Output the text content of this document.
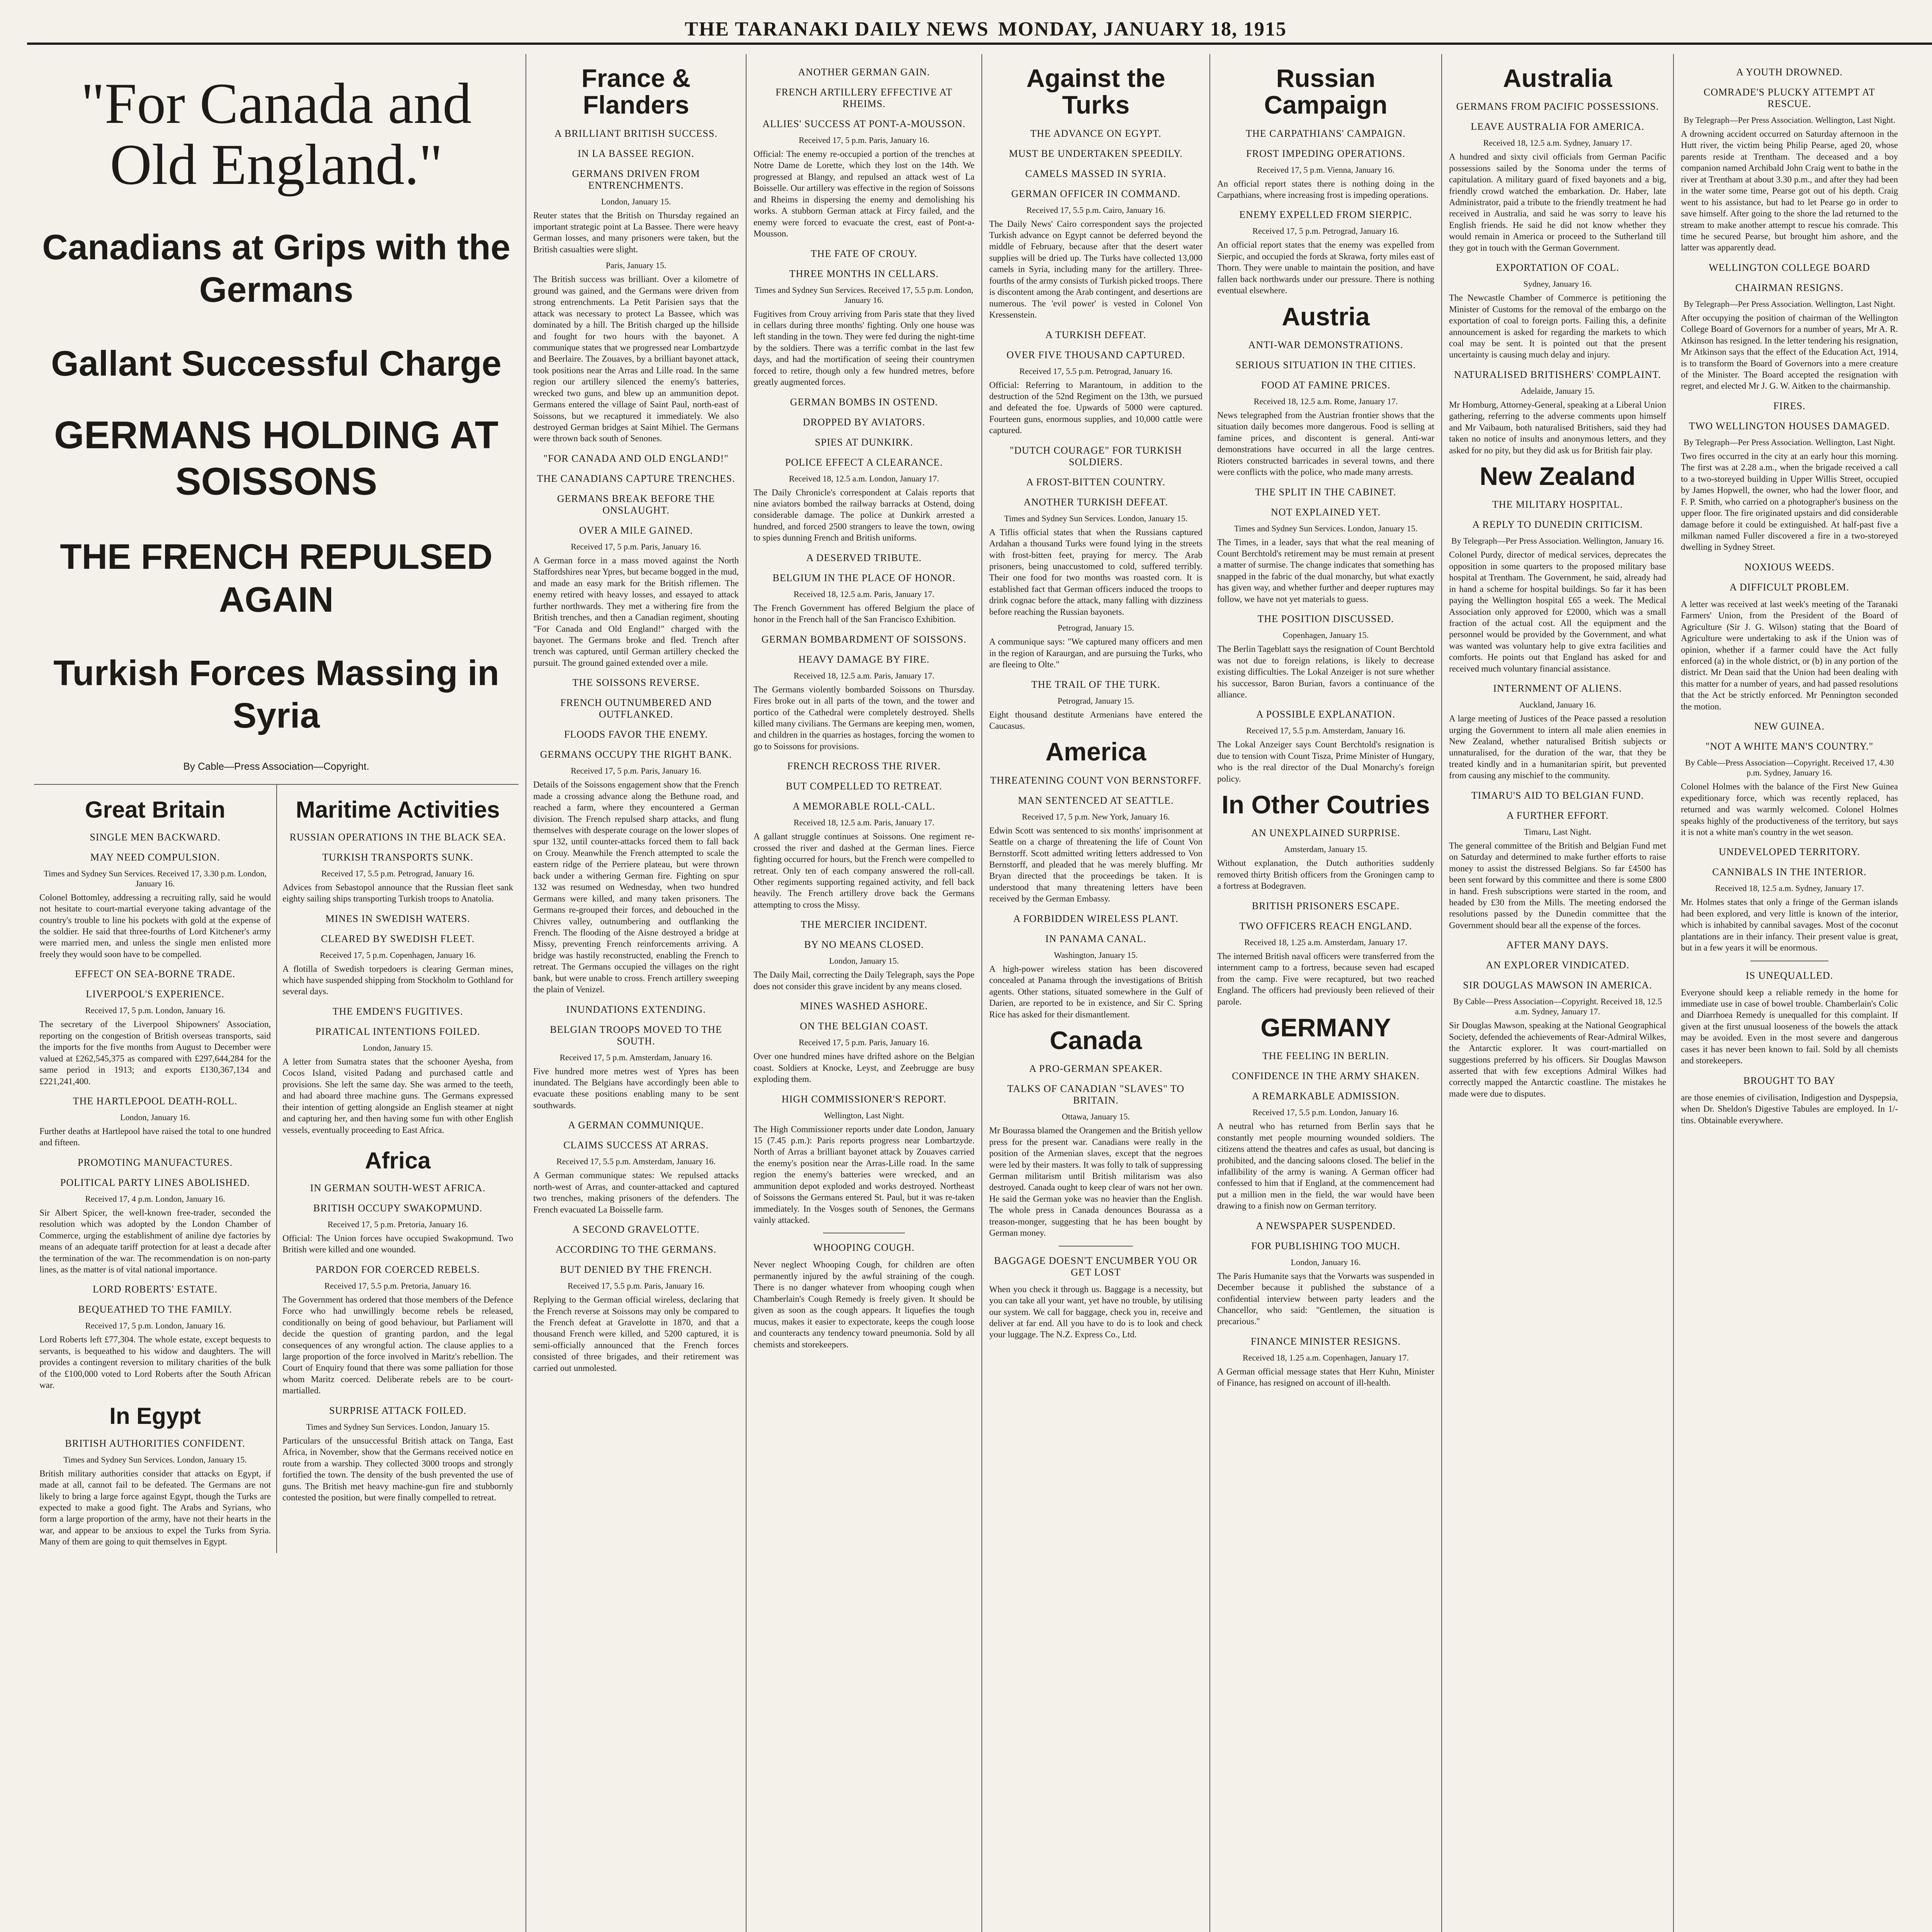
THE TARANAKI DAILY NEWS MONDAY, JANUARY 18, 1915
"For Canada and Old England."
Canadians at Grips with the Germans
Gallant Successful Charge
GERMANS HOLDING AT SOISSONS
THE FRENCH REPULSED AGAIN
Turkish Forces Massing in Syria
By Cable—Press Association—Copyright.
Great Britain
SINGLE MEN BACKWARD.
MAY NEED COMPULSION.
Times and Sydney Sun Services. Received 17, 3.30 p.m. London, January 16.
Colonel Bottomley, addressing a recruiting rally, said he would not hesitate to court-martial everyone taking advantage of the country's trouble to line his pockets with gold at the expense of the soldier. He said that three-fourths of Lord Kitchener's army were married men, and unless the single men enlisted more freely they would soon have to be compelled.
EFFECT ON SEA-BORNE TRADE.
LIVERPOOL'S EXPERIENCE.
Received 17, 5 p.m. London, January 16.
The secretary of the Liverpool Shipowners' Association, reporting on the congestion of British overseas transports, said the imports for the five months from August to December were valued at £262,545,375 as compared with £297,644,284 for the same period in 1913; and exports £130,367,134 and £221,241,400.
THE HARTLEPOOL DEATH-ROLL.
London, January 16.
Further deaths at Hartlepool have raised the total to one hundred and fifteen.
PROMOTING MANUFACTURES.
POLITICAL PARTY LINES ABOLISHED.
Received 17, 4 p.m. London, January 16.
Sir Albert Spicer, the well-known free-trader, seconded the resolution which was adopted by the London Chamber of Commerce, urging the establishment of aniline dye factories by means of an adequate tariff protection for at least a decade after the termination of the war. The recommendation is on non-party lines, as the matter is of vital national importance.
LORD ROBERTS' ESTATE.
BEQUEATHED TO THE FAMILY.
Received 17, 5 p.m. London, January 16.
Lord Roberts left £77,304. The whole estate, except bequests to servants, is bequeathed to his widow and daughters. The will provides a contingent reversion to military charities of the bulk of the £100,000 voted to Lord Roberts after the South African war.
In Egypt
BRITISH AUTHORITIES CONFIDENT.
Times and Sydney Sun Services. London, January 15.
British military authorities consider that attacks on Egypt, if made at all, cannot fail to be defeated. The Germans are not likely to bring a large force against Egypt, though the Turks are expected to make a good fight. The Arabs and Syrians, who form a large proportion of the army, have not their hearts in the war, and appear to be anxious to expel the Turks from Syria. Many of them are going to quit themselves in Egypt.
Maritime Activities
RUSSIAN OPERATIONS IN THE BLACK SEA.
TURKISH TRANSPORTS SUNK.
Received 17, 5.5 p.m. Petrograd, January 16.
Advices from Sebastopol announce that the Russian fleet sank eighty sailing ships transporting Turkish troops to Anatolia.
MINES IN SWEDISH WATERS.
CLEARED BY SWEDISH FLEET.
Received 17, 5 p.m. Copenhagen, January 16.
A flotilla of Swedish torpedoers is clearing German mines, which have suspended shipping from Stockholm to Gothland for several days.
THE EMDEN'S FUGITIVES.
PIRATICAL INTENTIONS FOILED.
London, January 15.
A letter from Sumatra states that the schooner Ayesha, from Cocos Island, visited Padang and purchased cattle and provisions. She left the same day. She was armed to the teeth, and had aboard three machine guns. The Germans expressed their intention of getting alongside an English steamer at night and capturing her, and then having some fun with other English vessels, eventually proceeding to East Africa.
Africa
IN GERMAN SOUTH-WEST AFRICA.
BRITISH OCCUPY SWAKOPMUND.
Received 17, 5 p.m. Pretoria, January 16.
Official: The Union forces have occupied Swakopmund. Two British were killed and one wounded.
PARDON FOR COERCED REBELS.
Received 17, 5.5 p.m. Pretoria, January 16.
The Government has ordered that those members of the Defence Force who had unwillingly become rebels be released, conditionally on being of good behaviour, but Parliament will decide the question of granting pardon, and the legal consequences of any wrongful action. The clause applies to a large proportion of the force involved in Maritz's rebellion. The Court of Enquiry found that there was some palliation for those whom Maritz coerced. Deliberate rebels are to be court-martialled.
SURPRISE ATTACK FOILED.
Times and Sydney Sun Services. London, January 15.
Particulars of the unsuccessful British attack on Tanga, East Africa, in November, show that the Germans received notice en route from a warship. They collected 3000 troops and strongly fortified the town. The density of the bush prevented the use of guns. The British met heavy machine-gun fire and stubbornly contested the position, but were finally compelled to retreat.
France & Flanders
A BRILLIANT BRITISH SUCCESS.
IN LA BASSEE REGION.
GERMANS DRIVEN FROM ENTRENCHMENTS.
London, January 15.
Reuter states that the British on Thursday regained an important strategic point at La Bassee. There were heavy German losses, and many prisoners were taken, but the British casualties were slight.
Paris, January 15.
The British success was brilliant. Over a kilometre of ground was gained, and the Germans were driven from strong entrenchments. La Petit Parisien says that the attack was necessary to protect La Bassee, which was dominated by a hill. The British charged up the hillside and fought for two hours with the bayonet. A communique states that we progressed near Lombartzyde and Beerlaire. The Zouaves, by a brilliant bayonet attack, took positions near the Arras and Lille road. In the same region our artillery silenced the enemy's batteries, wrecked two guns, and blew up an ammunition depot. Germans entered the village of Saint Paul, north-east of Soissons, but we recaptured it immediately. We also destroyed German bridges at Saint Mihiel. The Germans were thrown back south of Senones.
"FOR CANADA AND OLD ENGLAND!"
THE CANADIANS CAPTURE TRENCHES.
GERMANS BREAK BEFORE THE ONSLAUGHT.
OVER A MILE GAINED.
Received 17, 5 p.m. Paris, January 16.
A German force in a mass moved against the North Staffordshires near Ypres, but became bogged in the mud, and made an easy mark for the British riflemen. The enemy retired with heavy losses, and essayed to attack further northwards. They met a withering fire from the British trenches, and then a Canadian regiment, shouting "For Canada and Old England!" charged with the bayonet. The Germans broke and fled. Trench after trench was captured, until German artillery checked the pursuit. The ground gained extended over a mile.
THE SOISSONS REVERSE.
FRENCH OUTNUMBERED AND OUTFLANKED.
FLOODS FAVOR THE ENEMY.
GERMANS OCCUPY THE RIGHT BANK.
Received 17, 5 p.m. Paris, January 16.
Details of the Soissons engagement show that the French made a crossing advance along the Bethune road, and reached a farm, where they encountered a German division. The French repulsed sharp attacks, and flung themselves with desperate courage on the lower slopes of spur 132, until counter-attacks forced them to fall back on Crouy. Meanwhile the French attempted to scale the eastern ridge of the Perriere plateau, but were thrown back under a withering German fire. Fighting on spur 132 was resumed on Wednesday, when two hundred Germans were killed, and many taken prisoners. The Germans re-grouped their forces, and debouched in the Chivres valley, outnumbering and outflanking the French. The flooding of the Aisne destroyed a bridge at Missy, preventing French reinforcements arriving. A bridge was hastily reconstructed, enabling the French to retreat. The Germans occupied the villages on the right bank, but were unable to cross. French artillery sweeping the plain of Venizel.
INUNDATIONS EXTENDING.
BELGIAN TROOPS MOVED TO THE SOUTH.
Received 17, 5 p.m. Amsterdam, January 16.
Five hundred more metres west of Ypres has been inundated. The Belgians have accordingly been able to evacuate these positions enabling many to be sent southwards.
A GERMAN COMMUNIQUE.
CLAIMS SUCCESS AT ARRAS.
Received 17, 5.5 p.m. Amsterdam, January 16.
A German communique states: We repulsed attacks north-west of Arras, and counter-attacked and captured two trenches, making prisoners of the defenders. The French evacuated La Boisselle farm.
A SECOND GRAVELOTTE.
ACCORDING TO THE GERMANS.
BUT DENIED BY THE FRENCH.
Received 17, 5.5 p.m. Paris, January 16.
Replying to the German official wireless, declaring that the French reverse at Soissons may only be compared to the French defeat at Gravelotte in 1870, and that a thousand French were killed, and 5200 captured, it is semi-officially announced that the French forces consisted of three brigades, and their retirement was carried out unmolested.
ANOTHER GERMAN GAIN.
FRENCH ARTILLERY EFFECTIVE AT RHEIMS.
ALLIES' SUCCESS AT PONT-A-MOUSSON.
Received 17, 5 p.m. Paris, January 16.
Official: The enemy re-occupied a portion of the trenches at Notre Dame de Lorette, which they lost on the 14th. We progressed at Blangy, and repulsed an attack west of La Boisselle. Our artillery was effective in the region of Soissons and Rheims in dispersing the enemy and demolishing his works. A stubborn German attack at Fircy failed, and the enemy were forced to evacuate the crest, east of Pont-a-Mousson.
THE FATE OF CROUY.
THREE MONTHS IN CELLARS.
Times and Sydney Sun Services. Received 17, 5.5 p.m. London, January 16.
Fugitives from Crouy arriving from Paris state that they lived in cellars during three months' fighting. Only one house was left standing in the town. They were fed during the night-time by the soldiers. There was a terrific combat in the last few days, and had the mortification of seeing their countrymen forced to retire, though only a few hundred metres, before greatly augmented forces.
GERMAN BOMBS IN OSTEND.
DROPPED BY AVIATORS.
SPIES AT DUNKIRK.
POLICE EFFECT A CLEARANCE.
Received 18, 12.5 a.m. London, January 17.
The Daily Chronicle's correspondent at Calais reports that nine aviators bombed the railway barracks at Ostend, doing considerable damage. The police at Dunkirk arrested a hundred, and forced 2500 strangers to leave the town, owing to spies dunning French and British uniforms.
A DESERVED TRIBUTE.
BELGIUM IN THE PLACE OF HONOR.
Received 18, 12.5 a.m. Paris, January 17.
The French Government has offered Belgium the place of honor in the French hall of the San Francisco Exhibition.
GERMAN BOMBARDMENT OF SOISSONS.
HEAVY DAMAGE BY FIRE.
Received 18, 12.5 a.m. Paris, January 17.
The Germans violently bombarded Soissons on Thursday. Fires broke out in all parts of the town, and the tower and portico of the Cathedral were completely destroyed. Shells killed many civilians. The Germans are keeping men, women, and children in the quarries as hostages, forcing the women to go to Soissons for provisions.
FRENCH RECROSS THE RIVER.
BUT COMPELLED TO RETREAT.
A MEMORABLE ROLL-CALL.
Received 18, 12.5 a.m. Paris, January 17.
A gallant struggle continues at Soissons. One regiment re-crossed the river and dashed at the German lines. Fierce fighting occurred for hours, but the French were compelled to retreat. Only ten of each company answered the roll-call. Other regiments supporting regained activity, and fell back heavily. The French artillery drove back the Germans attempting to cross the Missy.
THE MERCIER INCIDENT.
BY NO MEANS CLOSED.
London, January 15.
The Daily Mail, correcting the Daily Telegraph, says the Pope does not consider this grave incident by any means closed.
MINES WASHED ASHORE.
ON THE BELGIAN COAST.
Received 17, 5 p.m. Paris, January 16.
Over one hundred mines have drifted ashore on the Belgian coast. Soldiers at Knocke, Leyst, and Zeebrugge are busy exploding them.
HIGH COMMISSIONER'S REPORT.
Wellington, Last Night.
The High Commissioner reports under date London, January 15 (7.45 p.m.): Paris reports progress near Lombartzyde. North of Arras a brilliant bayonet attack by Zouaves carried the enemy's position near the Arras-Lille road. In the same region the enemy's batteries were wrecked, and an ammunition depot exploded and works destroyed. Northeast of Soissons the Germans entered St. Paul, but it was re-taken immediately. In the Vosges south of Senones, the Germans vainly attacked.
WHOOPING COUGH.
Never neglect Whooping Cough, for children are often permanently injured by the awful straining of the cough. There is no danger whatever from whooping cough when Chamberlain's Cough Remedy is freely given. It should be given as soon as the cough appears. It liquefies the tough mucus, makes it easier to expectorate, keeps the cough loose and counteracts any tendency toward pneumonia. Sold by all chemists and storekeepers.
Against the Turks
THE ADVANCE ON EGYPT.
MUST BE UNDERTAKEN SPEEDILY.
CAMELS MASSED IN SYRIA.
GERMAN OFFICER IN COMMAND.
Received 17, 5.5 p.m. Cairo, January 16.
The Daily News' Cairo correspondent says the projected Turkish advance on Egypt cannot be deferred beyond the middle of February, because after that the desert water supplies will be dried up. The Turks have collected 13,000 camels in Syria, including many for the artillery. Three-fourths of the army consists of Turkish picked troops. There is discontent among the Arab contingent, and desertions are numerous. The 'evil power' is vested in Colonel Von Kressenstein.
A TURKISH DEFEAT.
OVER FIVE THOUSAND CAPTURED.
Received 17, 5.5 p.m. Petrograd, January 16.
Official: Referring to Marantoum, in addition to the destruction of the 52nd Regiment on the 13th, we pursued and defeated the foe. Upwards of 5000 were captured. Fourteen guns, enormous supplies, and 10,000 cattle were captured.
"DUTCH COURAGE" FOR TURKISH SOLDIERS.
A FROST-BITTEN COUNTRY.
ANOTHER TURKISH DEFEAT.
Times and Sydney Sun Services. London, January 15.
A Tiflis official states that when the Russians captured Ardahan a thousand Turks were found lying in the streets with frost-bitten feet, praying for mercy. The Arab prisoners, being unaccustomed to cold, suffered terribly. Their one food for two months was roasted corn. It is established fact that German officers induced the troops to drink cognac before the attack, many falling with dizziness before reaching the Russian bayonets.
Petrograd, January 15.
A communique says: "We captured many officers and men in the region of Karaurgan, and are pursuing the Turks, who are fleeing to Olte."
THE TRAIL OF THE TURK.
Petrograd, January 15.
Eight thousand destitute Armenians have entered the Caucasus.
America
THREATENING COUNT VON BERNSTORFF.
MAN SENTENCED AT SEATTLE.
Received 17, 5 p.m. New York, January 16.
Edwin Scott was sentenced to six months' imprisonment at Seattle on a charge of threatening the life of Count Von Bernstorff. Scott admitted writing letters addressed to Von Bernstorff, and pleaded that he was merely bluffing. Mr Bryan directed that the proceedings be taken. It is understood that many threatening letters have been received by the German Embassy.
A FORBIDDEN WIRELESS PLANT.
IN PANAMA CANAL.
Washington, January 15.
A high-power wireless station has been discovered concealed at Panama through the investigations of British agents. Other stations, situated somewhere in the Gulf of Darien, are reported to be in existence, and Sir C. Spring Rice has asked for their dismantlement.
Canada
A PRO-GERMAN SPEAKER.
TALKS OF CANADIAN "SLAVES" TO BRITAIN.
Ottawa, January 15.
Mr Bourassa blamed the Orangemen and the British yellow press for the present war. Canadians were really in the position of the Armenian slaves, except that the negroes were led by their masters. It was folly to talk of suppressing German militarism until British militarism was also destroyed. Canada ought to keep clear of wars not her own. He said the German yoke was no heavier than the English. The whole press in Canada denounces Bourassa as a treason-monger, suggesting that he has been bought by German money.
BAGGAGE DOESN'T ENCUMBER YOU OR GET LOST
When you check it through us. Baggage is a necessity, but you can take all your want, yet have no trouble, by utilising our system. We call for baggage, check you in, receive and deliver at far end. All you have to do is to look and check your luggage. The N.Z. Express Co., Ltd.
Russian Campaign
THE CARPATHIANS' CAMPAIGN.
FROST IMPEDING OPERATIONS.
Received 17, 5 p.m. Vienna, January 16.
An official report states there is nothing doing in the Carpathians, where increasing frost is impeding operations.
ENEMY EXPELLED FROM SIERPIC.
Received 17, 5 p.m. Petrograd, January 16.
An official report states that the enemy was expelled from Sierpic, and occupied the fords at Skrawa, forty miles east of Thorn. They were unable to maintain the position, and have fallen back northwards under our pressure. There is nothing eventual elsewhere.
Austria
ANTI-WAR DEMONSTRATIONS.
SERIOUS SITUATION IN THE CITIES.
FOOD AT FAMINE PRICES.
Received 18, 12.5 a.m. Rome, January 17.
News telegraphed from the Austrian frontier shows that the situation daily becomes more dangerous. Food is selling at famine prices, and discontent is general. Anti-war demonstrations have occurred in all the large centres. Rioters constructed barricades in several towns, and there were conflicts with the police, who made many arrests.
THE SPLIT IN THE CABINET.
NOT EXPLAINED YET.
Times and Sydney Sun Services. London, January 15.
The Times, in a leader, says that what the real meaning of Count Berchtold's retirement may be must remain at present a matter of surmise. The change indicates that something has snapped in the fabric of the dual monarchy, but what exactly has given way, and whether further and deeper ruptures may follow, we have not yet materials to guess.
THE POSITION DISCUSSED.
Copenhagen, January 15.
The Berlin Tageblatt says the resignation of Count Berchtold was not due to foreign relations, is likely to decrease existing difficulties. The Lokal Anzeiger is not sure whether his successor, Baron Burian, favors a continuance of the alliance.
A POSSIBLE EXPLANATION.
Received 17, 5.5 p.m. Amsterdam, January 16.
The Lokal Anzeiger says Count Berchtold's resignation is due to tension with Count Tisza, Prime Minister of Hungary, who is the real director of the Dual Monarchy's foreign policy.
In Other Coutries
AN UNEXPLAINED SURPRISE.
Amsterdam, January 15.
Without explanation, the Dutch authorities suddenly removed thirty British officers from the Groningen camp to a fortress at Bodegraven.
BRITISH PRISONERS ESCAPE.
TWO OFFICERS REACH ENGLAND.
Received 18, 1.25 a.m. Amsterdam, January 17.
The interned British naval officers were transferred from the internment camp to a fortress, because seven had escaped from the camp. Five were recaptured, but two reached England. The officers had previously been relieved of their parole.
GERMANY
THE FEELING IN BERLIN.
CONFIDENCE IN THE ARMY SHAKEN.
A REMARKABLE ADMISSION.
Received 17, 5.5 p.m. London, January 16.
A neutral who has returned from Berlin says that he constantly met people mourning wounded soldiers. The citizens attend the theatres and cafes as usual, but dancing is prohibited, and the dancing saloons closed. The belief in the infallibility of the army is waning. A German officer had confessed to him that if England, at the commencement had put a million men in the field, the war would have been drawing to a finish now on German territory.
A NEWSPAPER SUSPENDED.
FOR PUBLISHING TOO MUCH.
London, January 16.
The Paris Humanite says that the Vorwarts was suspended in December because it published the substance of a confidential interview between party leaders and the Chancellor, who said: "Gentlemen, the situation is precarious."
FINANCE MINISTER RESIGNS.
Received 18, 1.25 a.m. Copenhagen, January 17.
A German official message states that Herr Kuhn, Minister of Finance, has resigned on account of ill-health.
Australia
GERMANS FROM PACIFIC POSSESSIONS.
LEAVE AUSTRALIA FOR AMERICA.
Received 18, 12.5 a.m. Sydney, January 17.
A hundred and sixty civil officials from German Pacific possessions sailed by the Sonoma under the terms of capitulation. A military guard of fixed bayonets and a big, friendly crowd watched the embarkation. Dr. Haber, late Administrator, paid a tribute to the friendly treatment he had received in Australia, and said he was sorry to leave his English friends. He said he did not know whether they would remain in America or proceed to the Sutherland till they got in touch with the German Government.
EXPORTATION OF COAL.
Sydney, January 16.
The Newcastle Chamber of Commerce is petitioning the Minister of Customs for the removal of the embargo on the exportation of coal to foreign ports. Failing this, a definite announcement is asked for regarding the markets to which coal may be sent. It is pointed out that the present uncertainty is causing much delay and injury.
NATURALISED BRITISHERS' COMPLAINT.
Adelaide, January 15.
Mr Homburg, Attorney-General, speaking at a Liberal Union gathering, referring to the adverse comments upon himself and Mr Vaibaum, both naturalised Britishers, said they had taken no notice of insults and anonymous letters, and they asked for no pity, but they did ask us for British fair play.
New Zealand
THE MILITARY HOSPITAL.
A REPLY TO DUNEDIN CRITICISM.
By Telegraph—Per Press Association. Wellington, January 16.
Colonel Purdy, director of medical services, deprecates the opposition in some quarters to the proposed military base hospital at Trentham. The Government, he said, already had in hand a scheme for hospital buildings. So far it has been paying the Wellington hospital £65 a week. The Medical Association only approved for £2000, which was a small fraction of the actual cost. All the equipment and the personnel would be provided by the Government, and what was wanted was voluntary help to give extra facilities and comforts. He points out that England has asked for and received much voluntary financial assistance.
INTERNMENT OF ALIENS.
Auckland, January 16.
A large meeting of Justices of the Peace passed a resolution urging the Government to intern all male alien enemies in New Zealand, whether naturalised British subjects or unnaturalised, for the duration of the war, that they be treated kindly and in a humanitarian spirit, but prevented from causing any mischief to the community.
TIMARU'S AID TO BELGIAN FUND.
A FURTHER EFFORT.
Timaru, Last Night.
The general committee of the British and Belgian Fund met on Saturday and determined to make further efforts to raise money to assist the distressed Belgians. So far £4500 has been sent forward by this committee and there is some £800 in hand. Fresh subscriptions were started in the room, and headed by £30 from the Mills. The meeting endorsed the resolutions passed by the Dunedin committee that the Government should bear all the expense of the forces.
AFTER MANY DAYS.
AN EXPLORER VINDICATED.
SIR DOUGLAS MAWSON IN AMERICA.
By Cable—Press Association—Copyright. Received 18, 12.5 a.m. Sydney, January 17.
Sir Douglas Mawson, speaking at the National Geographical Society, defended the achievements of Rear-Admiral Wilkes, the Antarctic explorer. It was court-martialled on suggestions preferred by his officers. Sir Douglas Mawson asserted that with few exceptions Admiral Wilkes had correctly mapped the Antarctic coastline. The mistakes he made were due to disputes.
A YOUTH DROWNED.
COMRADE'S PLUCKY ATTEMPT AT RESCUE.
By Telegraph—Per Press Association. Wellington, Last Night.
A drowning accident occurred on Saturday afternoon in the Hutt river, the victim being Philip Pearse, aged 20, whose parents reside at Trentham. The deceased and a boy companion named Archibald John Craig went to bathe in the river at Trentham at about 3.30 p.m., and after they had been in the water some time, Pearse got out of his depth. Craig went to his assistance, but had to let Pearse go in order to save himself. After going to the shore the lad returned to the stream to make another attempt to rescue his comrade. This time he secured Pearse, but brought him ashore, and the latter was apparently dead.
WELLINGTON COLLEGE BOARD
CHAIRMAN RESIGNS.
By Telegraph—Per Press Association. Wellington, Last Night.
After occupying the position of chairman of the Wellington College Board of Governors for a number of years, Mr A. R. Atkinson has resigned. In the letter tendering his resignation, Mr Atkinson says that the effect of the Education Act, 1914, is to transform the Board of Governors into a mere creature of the Minister. The Board accepted the resignation with regret, and elected Mr J. G. W. Aitken to the chairmanship.
FIRES.
TWO WELLINGTON HOUSES DAMAGED.
By Telegraph—Per Press Association. Wellington, Last Night.
Two fires occurred in the city at an early hour this morning. The first was at 2.28 a.m., when the brigade received a call to a two-storeyed building in Upper Willis Street, occupied by James Hopwell, the owner, who had the lower floor, and F. P. Smith, who carried on a photographer's business on the upper floor. The fire originated upstairs and did considerable damage before it could be extinguished. At half-past five a milkman named Fuller discovered a fire in a two-storeyed dwelling in Sydney Street.
NOXIOUS WEEDS.
A DIFFICULT PROBLEM.
A letter was received at last week's meeting of the Taranaki Farmers' Union, from the President of the Board of Agriculture (Sir J. G. Wilson) stating that the Board of Agriculture were undertaking to ask if the Union was of opinion, whether if a farmer could have the Act fully enforced (a) in the whole district, or (b) in any portion of the district. Mr Dean said that the Union had been dealing with this matter for a number of years, and had passed resolutions that the Act be strictly enforced. Mr Pennington seconded the motion.
NEW GUINEA.
"NOT A WHITE MAN'S COUNTRY."
By Cable—Press Association—Copyright. Received 17, 4.30 p.m. Sydney, January 16.
Colonel Holmes with the balance of the First New Guinea expeditionary force, which was recently replaced, has returned and was warmly welcomed. Colonel Holmes speaks highly of the productiveness of the territory, but says it is not a white man's country in the wet season.
UNDEVELOPED TERRITORY.
CANNIBALS IN THE INTERIOR.
Received 18, 12.5 a.m. Sydney, January 17.
Mr. Holmes states that only a fringe of the German islands had been explored, and very little is known of the interior, which is inhabited by cannibal savages. Most of the coconut plantations are in their infancy. Their present value is great, but in a few years it will be enormous.
IS UNEQUALLED.
Everyone should keep a reliable remedy in the home for immediate use in case of bowel trouble. Chamberlain's Colic and Diarrhoea Remedy is unequalled for this complaint. If given at the first unusual looseness of the bowels the attack may be avoided. Even in the most severe and dangerous cases it has never been known to fail. Sold by all chemists and storekeepers.
BROUGHT TO BAY
are those enemies of civilisation, Indigestion and Dyspepsia, when Dr. Sheldon's Digestive Tabules are employed. In 1/- tins. Obtainable everywhere.
